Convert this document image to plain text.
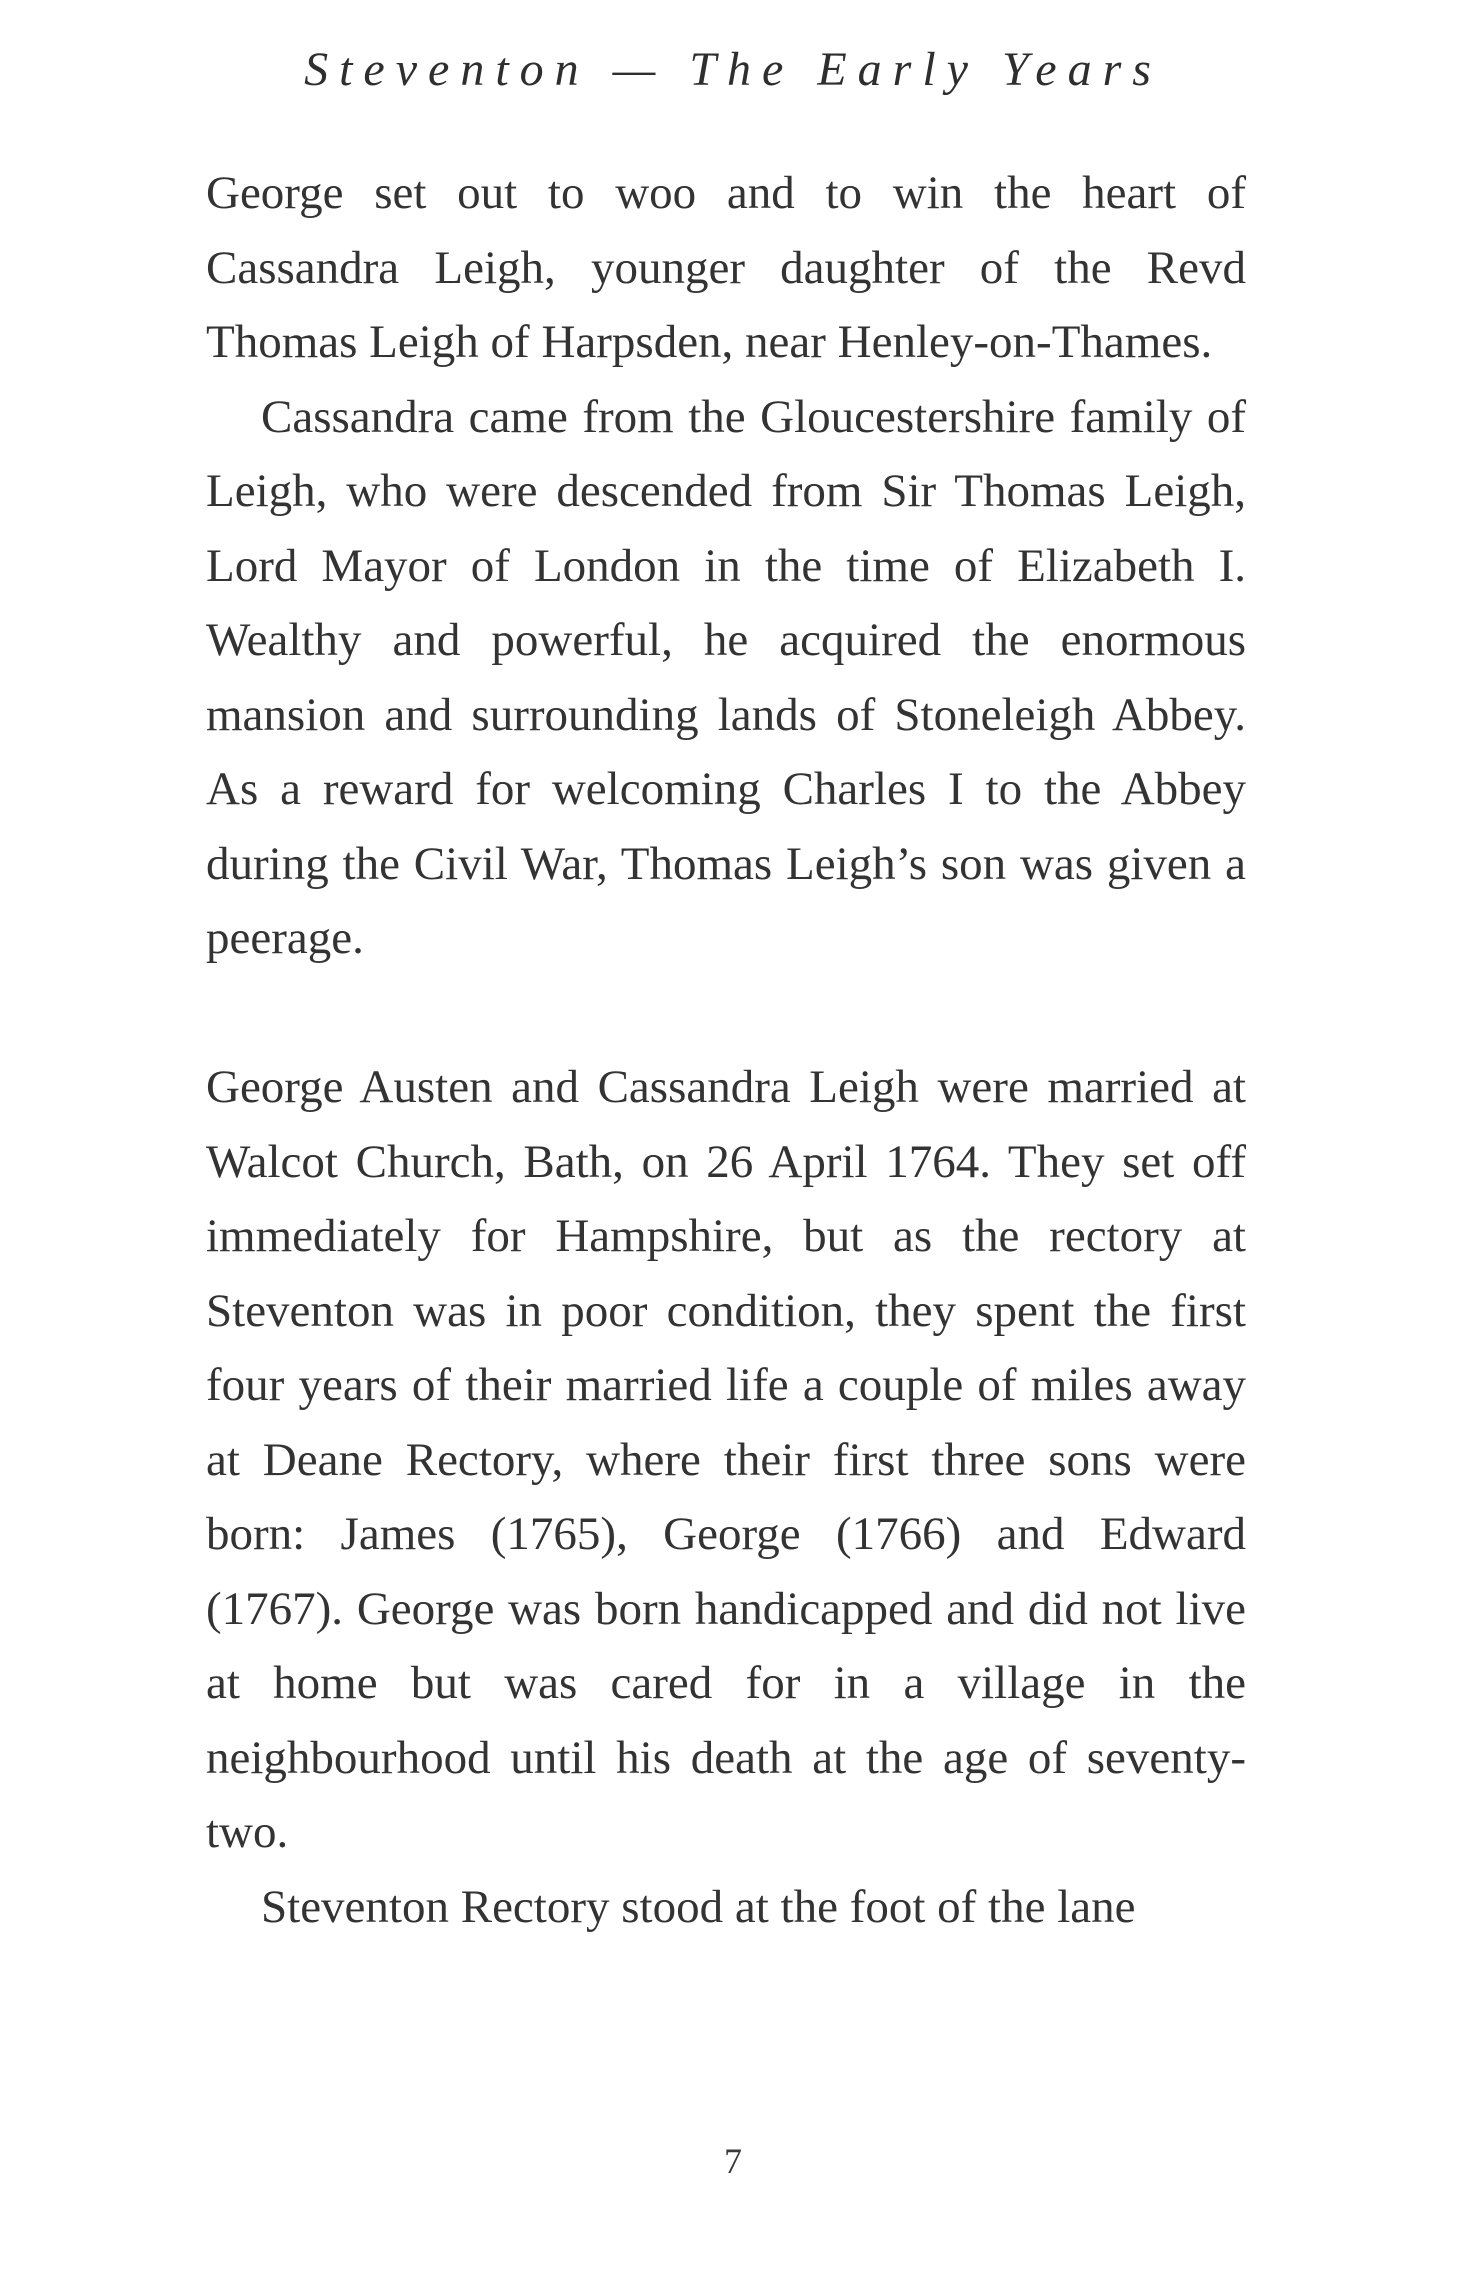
Steventon — The Early Years

George set out to woo and to win the heart of Cassandra Leigh, younger daughter of the Revd Thomas Leigh of Harpsden, near Henley-on-Thames.

Cassandra came from the Gloucestershire family of Leigh, who were descended from Sir Thomas Leigh, Lord Mayor of London in the time of Elizabeth I. Wealthy and powerful, he acquired the enormous mansion and surrounding lands of Stoneleigh Abbey. As a reward for welcoming Charles I to the Abbey during the Civil War, Thomas Leigh’s son was given a peerage.

George Austen and Cassandra Leigh were married at Walcot Church, Bath, on 26 April 1764. They set off immediately for Hampshire, but as the rectory at Steventon was in poor condition, they spent the first four years of their married life a couple of miles away at Deane Rectory, where their first three sons were born: James (1765), George (1766) and Edward (1767). George was born handicapped and did not live at home but was cared for in a village in the neighbourhood until his death at the age of seventy-two.

Steventon Rectory stood at the foot of the lane

7
